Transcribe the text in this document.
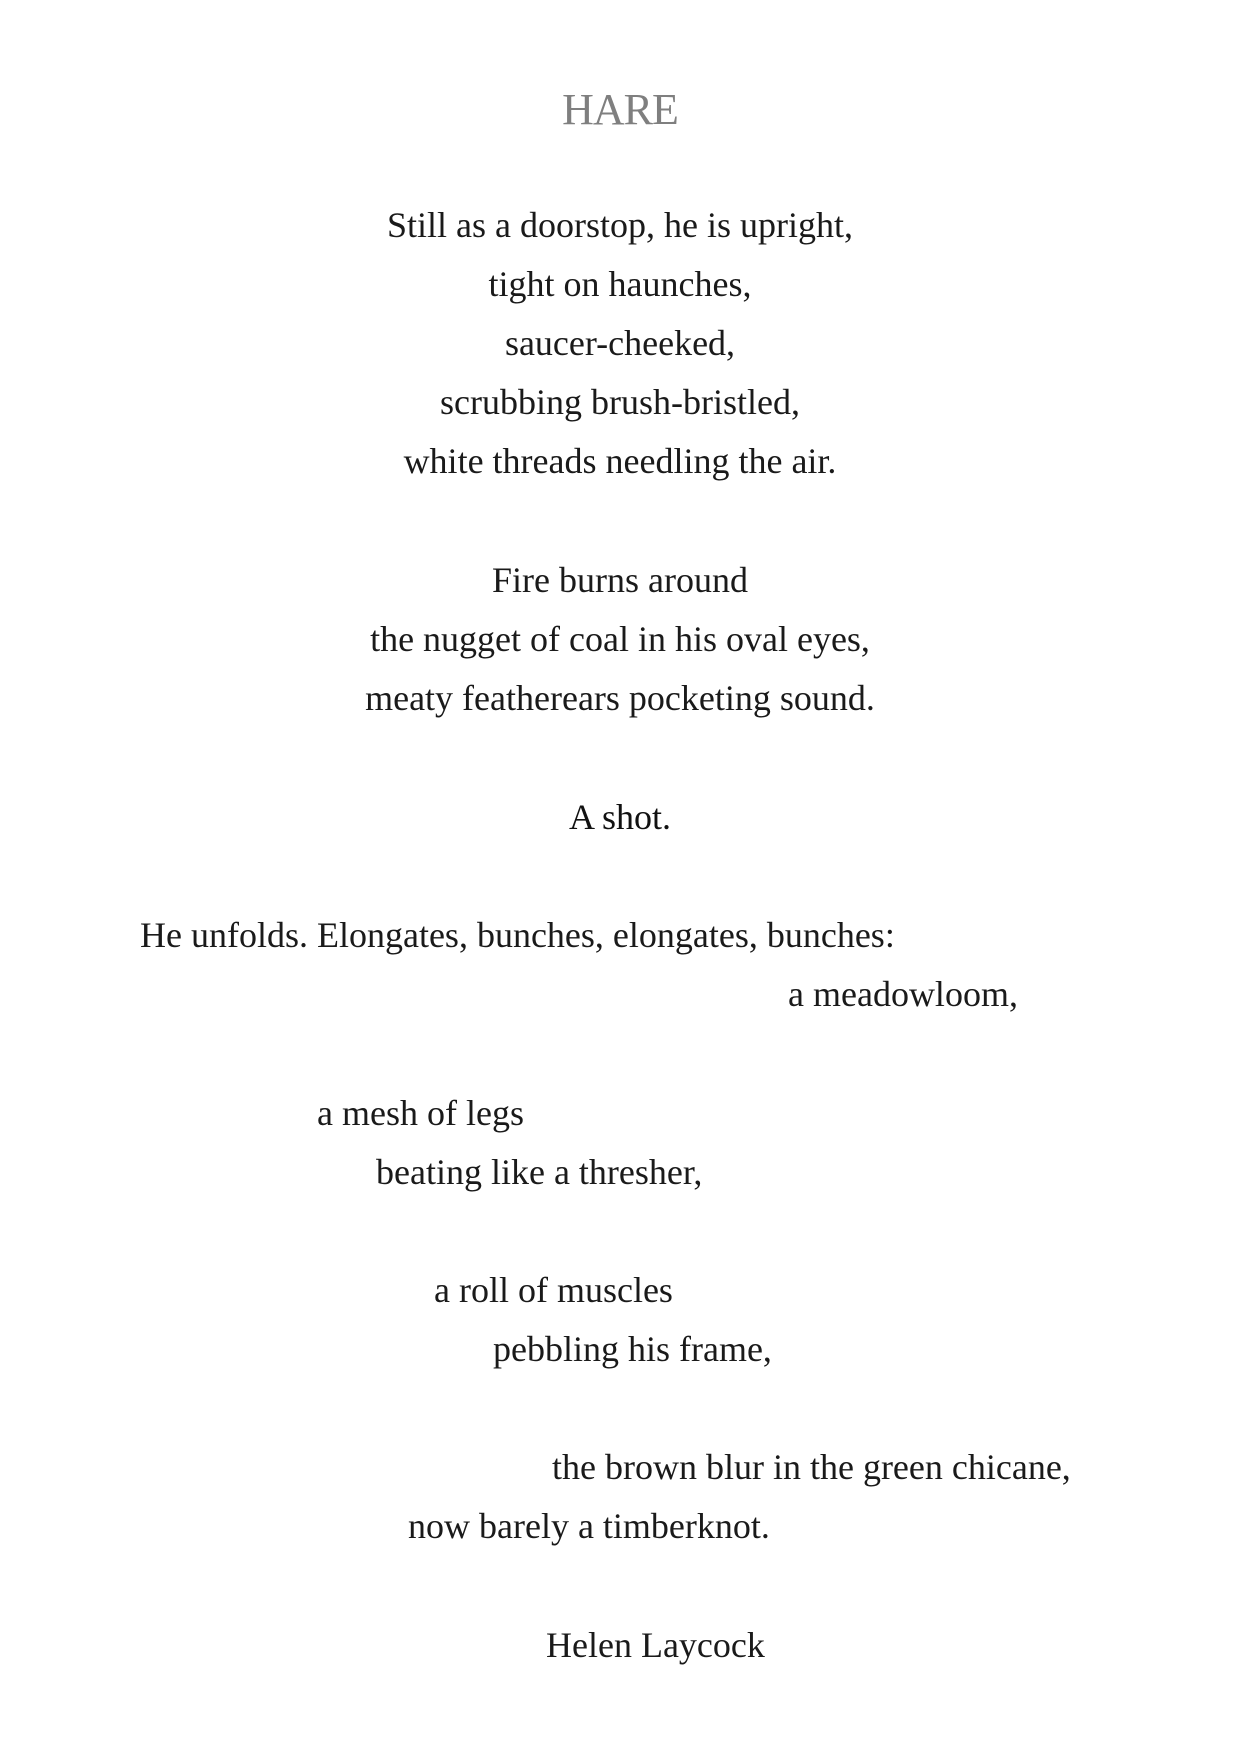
HARE
Still as a doorstop, he is upright,
tight on haunches,
saucer-cheeked,
scrubbing brush-bristled,
white threads needling the air.
Fire burns around
the nugget of coal in his oval eyes,
meaty featherears pocketing sound.
A shot.
He unfolds. Elongates, bunches, elongates, bunches:
a meadowloom,
a mesh of legs
beating like a thresher,
a roll of muscles
pebbling his frame,
the brown blur in the green chicane,
now barely a timberknot.
Helen Laycock
